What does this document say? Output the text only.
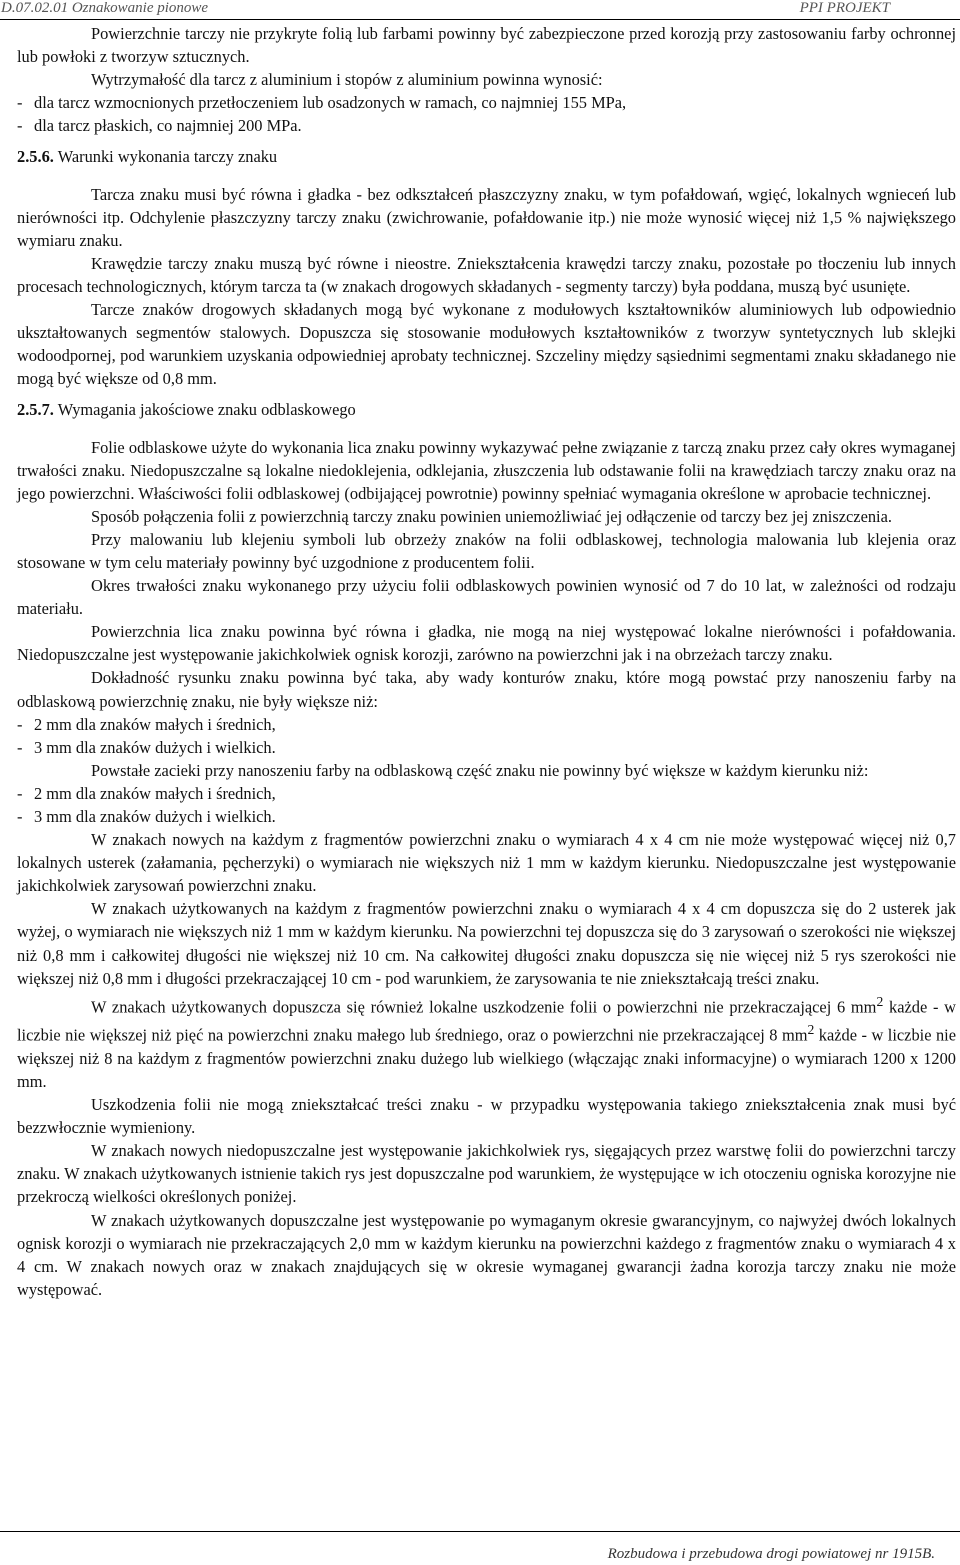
D.07.02.01 Oznakowanie pionowe	PPI PROJEKT

Powierzchnie tarczy nie przykryte folią lub farbami powinny być zabezpieczone przed korozją przy zastosowaniu farby ochronnej lub powłoki z tworzyw sztucznych.

Wytrzymałość dla tarcz z aluminium i stopów z aluminium powinna wynosić:

- dla tarcz wzmocnionych przetłoczeniem lub osadzonych w ramach, co najmniej 155 MPa,

- dla tarcz płaskich, co najmniej 200 MPa.

2.5.6. Warunki wykonania tarczy znaku

Tarcza znaku musi być równa i gładka - bez odkształceń płaszczyzny znaku, w tym pofałdowań, wgięć, lokalnych wgnieceń lub nierówności itp. Odchylenie płaszczyzny tarczy znaku (zwichrowanie, pofałdowanie itp.) nie może wynosić więcej niż 1,5 % największego wymiaru znaku.

Krawędzie tarczy znaku muszą być równe i nieostre. Zniekształcenia krawędzi tarczy znaku, pozostałe po tłoczeniu lub innych procesach technologicznych, którym tarcza ta (w znakach drogowych składanych - segmenty tarczy) była poddana, muszą być usunięte.

Tarcze znaków drogowych składanych mogą być wykonane z modułowych kształtowników aluminiowych lub odpowiednio ukształtowanych segmentów stalowych. Dopuszcza się stosowanie modułowych kształtowników z tworzyw syntetycznych lub sklejki wodoodpornej, pod warunkiem uzyskania odpowiedniej aprobaty technicznej. Szczeliny między sąsiednimi segmentami znaku składanego nie mogą być większe od 0,8 mm.

2.5.7. Wymagania jakościowe znaku odblaskowego

Folie odblaskowe użyte do wykonania lica znaku powinny wykazywać pełne związanie z tarczą znaku przez cały okres wymaganej trwałości znaku. Niedopuszczalne są lokalne niedoklejenia, odklejania, złuszczenia lub odstawanie folii na krawędziach tarczy znaku oraz na jego powierzchni. Właściwości folii odblaskowej (odbijającej powrotnie) powinny spełniać wymagania określone w aprobacie technicznej.

Sposób połączenia folii z powierzchnią tarczy znaku powinien uniemożliwiać jej odłączenie od tarczy bez jej zniszczenia.

Przy malowaniu lub klejeniu symboli lub obrzeży znaków na folii odblaskowej, technologia malowania lub klejenia oraz stosowane w tym celu materiały powinny być uzgodnione z producentem folii.

Okres trwałości znaku wykonanego przy użyciu folii odblaskowych powinien wynosić od 7 do 10 lat, w zależności od rodzaju materiału.

Powierzchnia lica znaku powinna być równa i gładka, nie mogą na niej występować lokalne nierówności i pofałdowania. Niedopuszczalne jest występowanie jakichkolwiek ognisk korozji, zarówno na powierzchni jak i na obrzeżach tarczy znaku.

Dokładność rysunku znaku powinna być taka, aby wady konturów znaku, które mogą powstać przy nanoszeniu farby na odblaskową powierzchnię znaku, nie były większe niż:

- 2 mm dla znaków małych i średnich,

- 3 mm dla znaków dużych i wielkich.

Powstałe zacieki przy nanoszeniu farby na odblaskową część znaku nie powinny być większe w każdym kierunku niż:

- 2 mm dla znaków małych i średnich,

- 3 mm dla znaków dużych i wielkich.

W znakach nowych na każdym z fragmentów powierzchni znaku o wymiarach 4 x 4 cm nie może występować więcej niż 0,7 lokalnych usterek (załamania, pęcherzyki) o wymiarach nie większych niż 1 mm w każdym kierunku. Niedopuszczalne jest występowanie jakichkolwiek zarysowań powierzchni znaku.

W znakach użytkowanych na każdym z fragmentów powierzchni znaku o wymiarach 4 x 4 cm dopuszcza się do 2 usterek jak wyżej, o wymiarach nie większych niż 1 mm w każdym kierunku. Na powierzchni tej dopuszcza się do 3 zarysowań o szerokości nie większej niż 0,8 mm i całkowitej długości nie większej niż 10 cm. Na całkowitej długości znaku dopuszcza się nie więcej niż 5 rys szerokości nie większej niż 0,8 mm i długości przekraczającej 10 cm - pod warunkiem, że zarysowania te nie zniekształcają treści znaku.

W znakach użytkowanych dopuszcza się również lokalne uszkodzenie folii o powierzchni nie przekraczającej 6 $mm^2$ każde - w liczbie nie większej niż pięć na powierzchni znaku małego lub średniego, oraz o powierzchni nie przekraczającej 8 $mm^2$ każde - w liczbie nie większej niż 8 na każdym z fragmentów powierzchni znaku dużego lub wielkiego (włączając znaki informacyjne) o wymiarach 1200 x 1200 mm.

Uszkodzenia folii nie mogą zniekształcać treści znaku - w przypadku występowania takiego zniekształcenia znak musi być bezzwłocznie wymieniony.

W znakach nowych niedopuszczalne jest występowanie jakichkolwiek rys, sięgających przez warstwę folii do powierzchni tarczy znaku. W znakach użytkowanych istnienie takich rys jest dopuszczalne pod warunkiem, że występujące w ich otoczeniu ogniska korozyjne nie przekroczą wielkości określonych poniżej.

W znakach użytkowanych dopuszczalne jest występowanie po wymaganym okresie gwarancyjnym, co najwyżej dwóch lokalnych ognisk korozji o wymiarach nie przekraczających 2,0 mm w każdym kierunku na powierzchni każdego z fragmentów znaku o wymiarach 4 x 4 cm. W znakach nowych oraz w znakach znajdujących się w okresie wymaganej gwarancji żadna korozja tarczy znaku nie może występować.

Rozbudowa i przebudowa drogi powiatowej nr 1915B.
